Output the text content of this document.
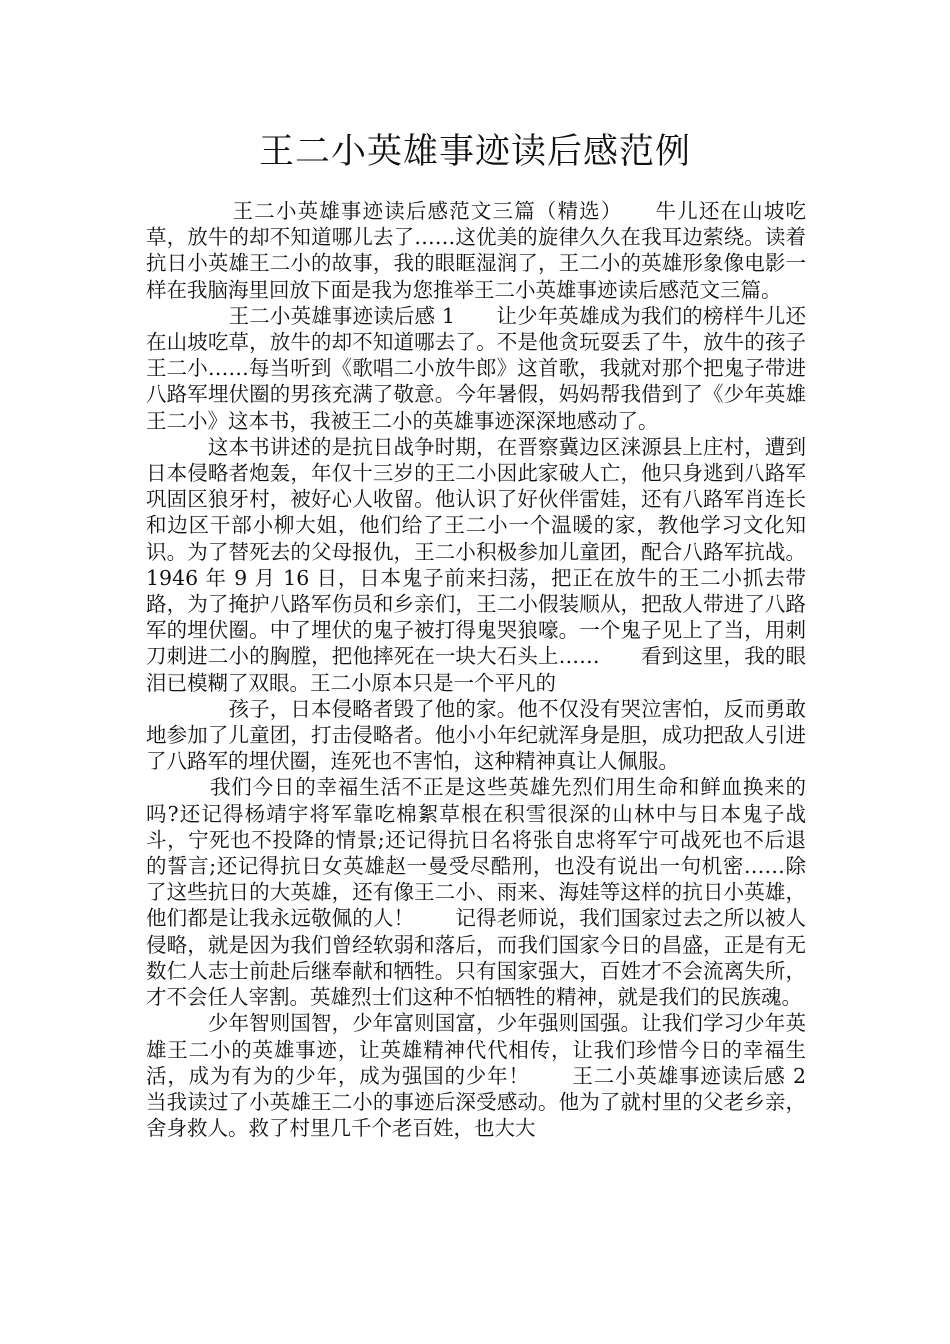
王二小英雄事迹读后感范例

　　　　王二小英雄事迹读后感范文三篇（精选）　　牛儿还在山坡吃草，放牛的却不知道哪儿去了……这优美的旋律久久在我耳边萦绕。读着抗日小英雄王二小的故事，我的眼眶湿润了，王二小的英雄形象像电影一样在我脑海里回放下面是我为您推举王二小英雄事迹读后感范文三篇。

　　　　王二小英雄事迹读后感 1　　让少年英雄成为我们的榜样牛儿还在山坡吃草，放牛的却不知道哪去了。不是他贪玩耍丢了牛，放牛的孩子王二小……每当听到《歌唱二小放牛郎》这首歌，我就对那个把鬼子带进八路军埋伏圈的男孩充满了敬意。今年暑假，妈妈帮我借到了《少年英雄王二小》这本书，我被王二小的英雄事迹深深地感动了。

　　　这本书讲述的是抗日战争时期，在晋察冀边区涞源县上庄村，遭到日本侵略者炮轰，年仅十三岁的王二小因此家破人亡，他只身逃到八路军巩固区狼牙村，被好心人收留。他认识了好伙伴雷娃，还有八路军肖连长和边区干部小柳大姐，他们给了王二小一个温暖的家，教他学习文化知识。为了替死去的父母报仇，王二小积极参加儿童团，配合八路军抗战。1946 年 9 月 16 日，日本鬼子前来扫荡，把正在放牛的王二小抓去带路，为了掩护八路军伤员和乡亲们，王二小假装顺从，把敌人带进了八路军的埋伏圈。中了埋伏的鬼子被打得鬼哭狼嚎。一个鬼子见上了当，用刺刀刺进二小的胸膛，把他摔死在一块大石头上……　　看到这里，我的眼泪已模糊了双眼。王二小原本只是一个平凡的

　　　　孩子，日本侵略者毁了他的家。他不仅没有哭泣害怕，反而勇敢地参加了儿童团，打击侵略者。他小小年纪就浑身是胆，成功把敌人引进了八路军的埋伏圈，连死也不害怕，这种精神真让人佩服。

　　　我们今日的幸福生活不正是这些英雄先烈们用生命和鲜血换来的吗?还记得杨靖宇将军靠吃棉絮草根在积雪很深的山林中与日本鬼子战斗，宁死也不投降的情景;还记得抗日名将张自忠将军宁可战死也不后退的誓言;还记得抗日女英雄赵一曼受尽酷刑，也没有说出一句机密……除了这些抗日的大英雄，还有像王二小、雨来、海娃等这样的抗日小英雄，他们都是让我永远敬佩的人！　　记得老师说，我们国家过去之所以被人侵略，就是因为我们曾经软弱和落后，而我们国家今日的昌盛，正是有无数仁人志士前赴后继奉献和牺牲。只有国家强大，百姓才不会流离失所，才不会任人宰割。英雄烈士们这种不怕牺牲的精神，就是我们的民族魂。

　　　少年智则国智，少年富则国富，少年强则国强。让我们学习少年英雄王二小的英雄事迹，让英雄精神代代相传，让我们珍惜今日的幸福生活，成为有为的少年，成为强国的少年！　　王二小英雄事迹读后感 2　当我读过了小英雄王二小的事迹后深受感动。他为了就村里的父老乡亲，舍身救人。救了村里几千个老百姓，也大大
